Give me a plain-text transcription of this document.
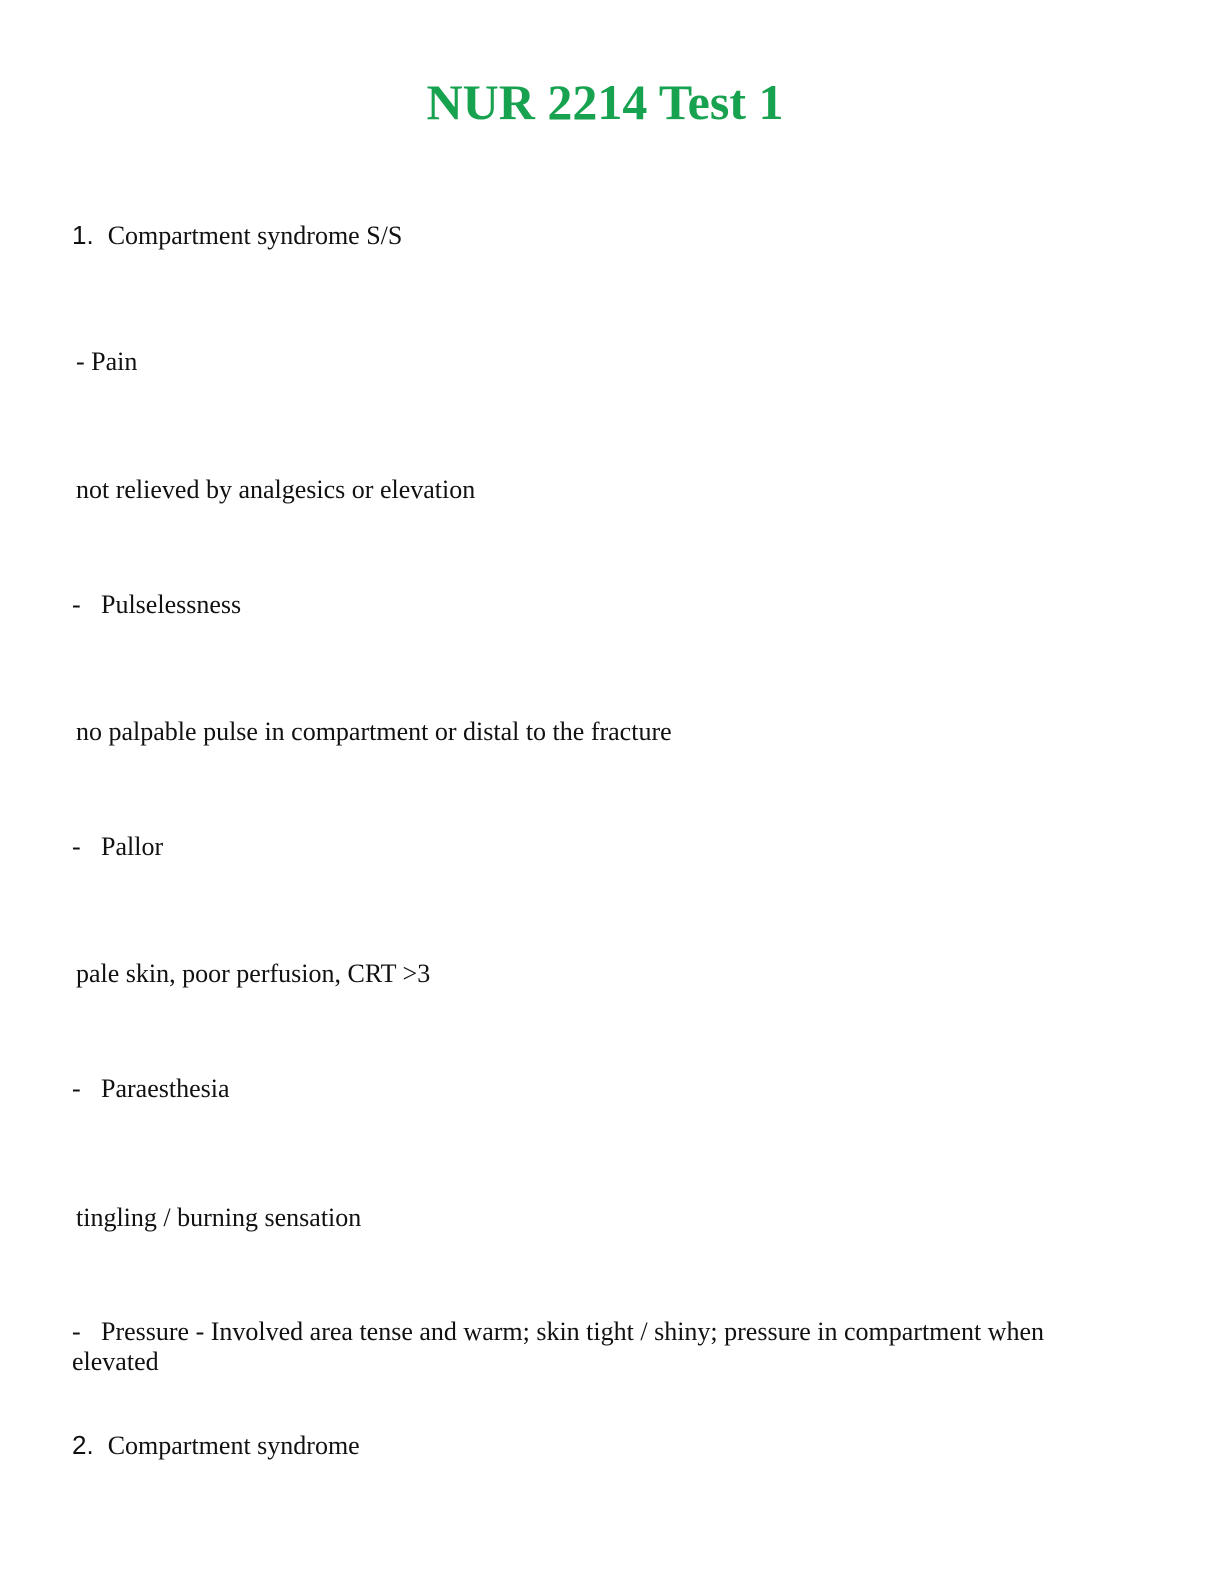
NUR 2214 Test 1
1. Compartment syndrome S/S
- Pain
not relieved by analgesics or elevation
- Pulselessness
no palpable pulse in compartment or distal to the fracture
- Pallor
pale skin, poor perfusion, CRT >3
- Paraesthesia
tingling / burning sensation
- Pressure - Involved area tense and warm; skin tight / shiny; pressure in compartment when elevated
2. Compartment syndrome
